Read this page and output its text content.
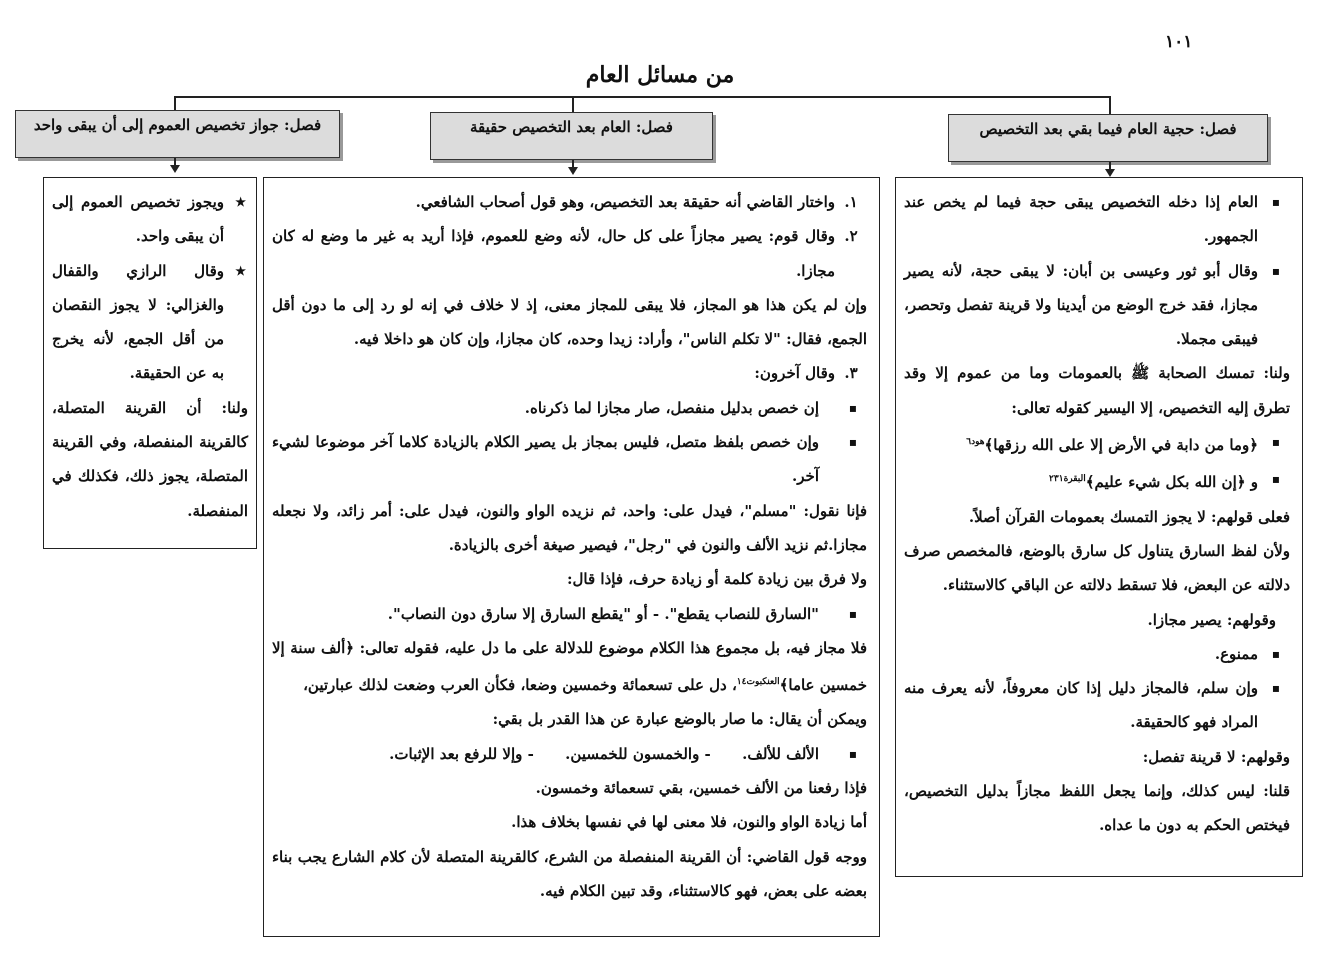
١٠١
من مسائل العام
فصل: جواز تخصيص العموم إلى أن يبقى واحد	فصل: العام بعد التخصيص حقيقة	فصل: حجية العام فيما بقي بعد التخصيص

▪ العام إذا دخله التخصيص يبقى حجة فيما لم يخص عند الجمهور.

▪ وقال أبو ثور وعيسى بن أبان: لا يبقى حجة، لأنه يصير مجازا، فقد خرج الوضع من أيدينا ولا قرينة تفصل وتحصر، فيبقى مجملا.

ولنا: تمسك الصحابة ﷺ بالعمومات وما من عموم إلا وقد تطرق إليه التخصيص، إلا اليسير كقوله تعالى:

▪ ﴿وما من دابة في الأرض إلا على الله رزقها﴾$^{هود٦}$

▪ و ﴿إن الله بكل شيء عليم﴾$^{البقرة٢٣١}$

فعلى قولهم: لا يجوز التمسك بعمومات القرآن أصلاً.

ولأن لفظ السارق يتناول كل سارق بالوضع، فالمخصص صرف دلالته عن البعض، فلا تسقط دلالته عن الباقي كالاستثناء.

وقولهم: يصير مجازا.

▪ ممنوع.

▪ وإن سلم، فالمجاز دليل إذا كان معروفاً، لأنه يعرف منه المراد فهو كالحقيقة.

وقولهم: لا قرينة تفصل:

قلنا: ليس كذلك، وإنما يجعل اللفظ مجازاً بدليل التخصيص، فيختص الحكم به دون ما عداه.

١.
واختار القاضي أنه حقيقة بعد التخصيص، وهو قول أصحاب الشافعي.

٢.
وقال قوم: يصير مجازاً على كل حال، لأنه وضع للعموم، فإذا أريد به غير ما وضع له كان مجازا.

وإن لم يكن هذا هو المجاز، فلا يبقى للمجاز معنى، إذ لا خلاف في إنه لو رد إلى ما دون أقل الجمع، فقال: "لا تكلم الناس"، وأراد: زيدا وحده، كان مجازا، وإن كان هو داخلا فيه.

٣.
وقال آخرون:

▪ إن خصص بدليل منفصل، صار مجازا لما ذكرناه.

▪ وإن خصص بلفظ متصل، فليس بمجاز بل يصير الكلام بالزيادة كلاما آخر موضوعا لشيء آخر.

فإنا نقول: "مسلم"، فيدل على: واحد، ثم نزيده الواو والنون، فيدل على: أمر زائد، ولا نجعله مجازا.ثم نزيد الألف والنون في "رجل"، فيصير صيغة أخرى بالزيادة.

ولا فرق بين زيادة كلمة أو زيادة حرف، فإذا قال:

▪ "السارق للنصاب يقطع". - أو "يقطع السارق إلا سارق دون النصاب".

فلا مجاز فيه، بل مجموع هذا الكلام موضوع للدلالة على ما دل عليه، فقوله تعالى: ﴿ألف سنة إلا خمسين عاما﴾$^{العنكبوت١٤}$، دل على تسعمائة وخمسين وضعا، فكأن العرب وضعت لذلك عبارتين،

ويمكن أن يقال: ما صار بالوضع عبارة عن هذا القدر بل بقي:

▪ الألف للألف.      - والخمسون للخمسين.      - وإلا للرفع بعد الإثبات.

فإذا رفعنا من الألف خمسين، بقي تسعمائة وخمسون.

أما زيادة الواو والنون، فلا معنى لها في نفسها بخلاف هذا.

ووجه قول القاضي: أن القرينة المنفصلة من الشرع، كالقرينة المتصلة لأن كلام الشارع يجب بناء بعضه على بعض، فهو كالاستثناء، وقد تبين الكلام فيه.

★ ويجوز تخصيص العموم إلى أن يبقى واحد.

★ وقال الرازي والقفال والغزالي: لا يجوز النقصان من أقل الجمع، لأنه يخرج به عن الحقيقة.

ولنا: أن القرينة المتصلة، كالقرينة المنفصلة، وفي القرينة المتصلة، يجوز ذلك، فكذلك في المنفصلة.
